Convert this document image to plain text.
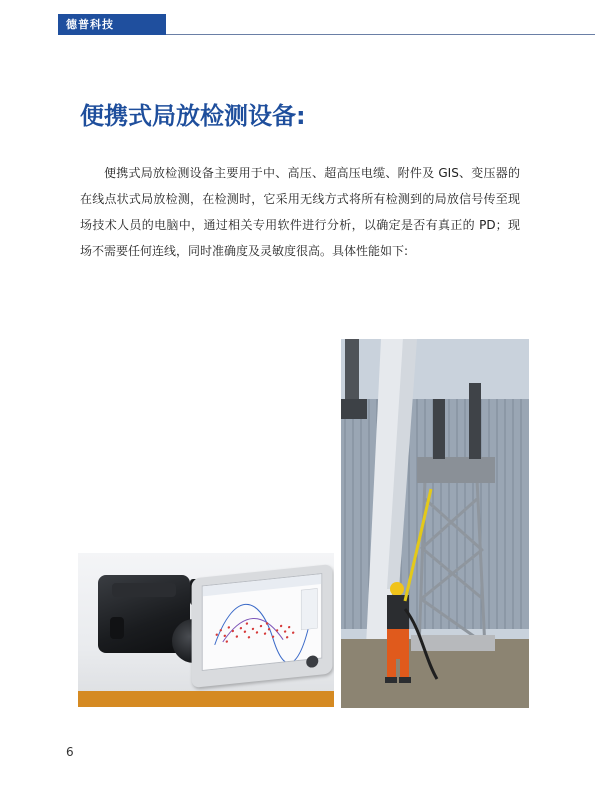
德普科技
便携式局放检测设备:

便携式局放检测设备主要用于中、高压、超高压电缆、附件及 GIS、变压器的在线点状式局放检测，在检测时，它采用无线方式将所有检测到的局放信号传至现场技术人员的电脑中，通过相关专用软件进行分析，以确定是否有真正的 PD；现场不需要任何连线，同时准确度及灵敏度很高。具体性能如下:

6
